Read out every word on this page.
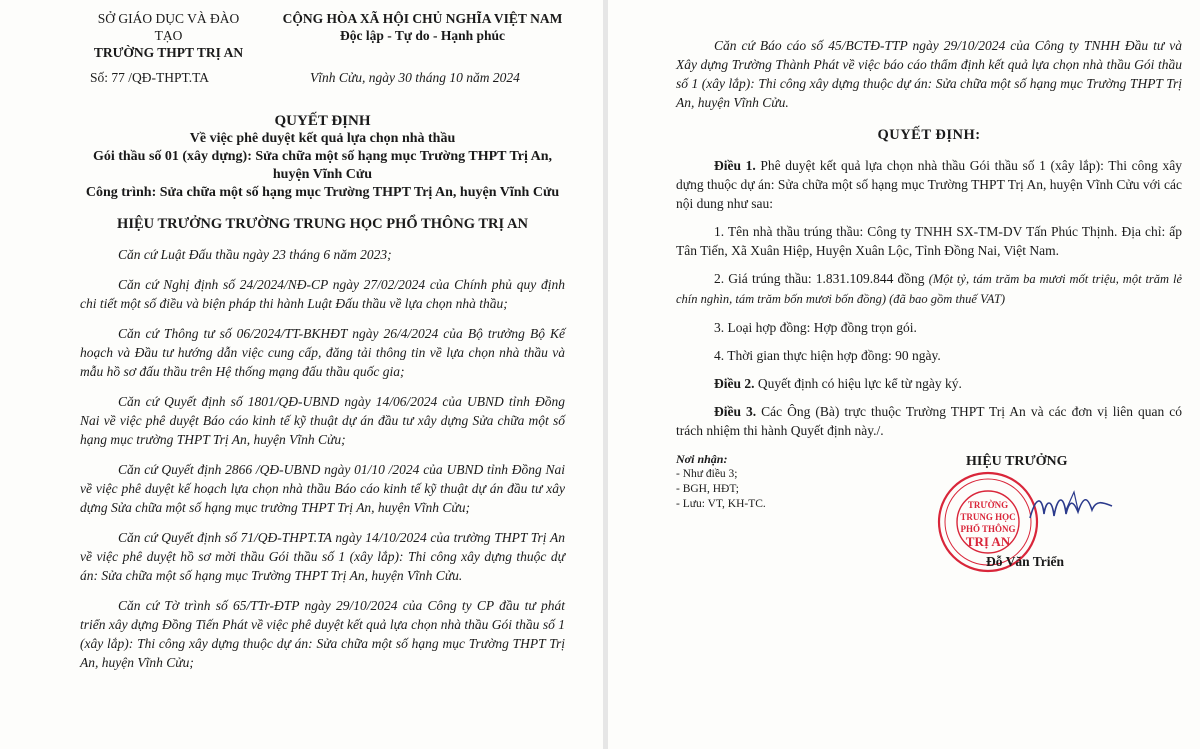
SỞ GIÁO DỤC VÀ ĐÀO TẠO
TRƯỜNG THPT TRỊ AN
CỘNG HÒA XÃ HỘI CHỦ NGHĨA VIỆT NAM
Độc lập - Tự do - Hạnh phúc
Số: 77 /QĐ-THPT.TA	Vĩnh Cửu, ngày 30 tháng 10 năm 2024

QUYẾT ĐỊNH

Về việc phê duyệt kết quả lựa chọn nhà thầu

Gói thầu số 01 (xây dựng): Sửa chữa một số hạng mục Trường THPT Trị An, huyện Vĩnh Cửu

Công trình: Sửa chữa một số hạng mục Trường THPT Trị An, huyện Vĩnh Cửu

HIỆU TRƯỞNG TRƯỜNG TRUNG HỌC PHỔ THÔNG TRỊ AN

Căn cứ Luật Đấu thầu ngày 23 tháng 6 năm 2023;

Căn cứ Nghị định số 24/2024/NĐ-CP ngày 27/02/2024 của Chính phủ quy định chi tiết một số điều và biện pháp thi hành Luật Đấu thầu về lựa chọn nhà thầu;

Căn cứ Thông tư số 06/2024/TT-BKHĐT ngày 26/4/2024 của Bộ trưởng Bộ Kế hoạch và Đầu tư hướng dẫn việc cung cấp, đăng tải thông tin về lựa chọn nhà thầu và mẫu hồ sơ đấu thầu trên Hệ thống mạng đấu thầu quốc gia;

Căn cứ Quyết định số 1801/QĐ-UBND ngày 14/06/2024 của UBND tỉnh Đồng Nai về việc phê duyệt Báo cáo kinh tế kỹ thuật dự án đầu tư xây dựng Sửa chữa một số hạng mục trường THPT Trị An, huyện Vĩnh Cửu;

Căn cứ Quyết định 2866 /QĐ-UBND ngày 01/10 /2024 của UBND tỉnh Đồng Nai về việc phê duyệt kế hoạch lựa chọn nhà thầu Báo cáo kinh tế kỹ thuật dự án đầu tư xây dựng Sửa chữa một số hạng mục trường THPT Trị An, huyện Vĩnh Cửu;

Căn cứ Quyết định số 71/QĐ-THPT.TA ngày 14/10/2024 của trường THPT Trị An về việc phê duyệt hồ sơ mời thầu Gói thầu số 1 (xây lắp): Thi công xây dựng thuộc dự án: Sửa chữa một số hạng mục Trường THPT Trị An, huyện Vĩnh Cửu.

Căn cứ Tờ trình số 65/TTr-ĐTP ngày 29/10/2024 của Công ty CP đầu tư phát triển xây dựng Đồng Tiến Phát về việc phê duyệt kết quả lựa chọn nhà thầu Gói thầu số 1 (xây lắp): Thi công xây dựng thuộc dự án: Sửa chữa một số hạng mục Trường THPT Trị An, huyện Vĩnh Cửu;

Căn cứ Báo cáo số 45/BCTĐ-TTP ngày 29/10/2024 của Công ty TNHH Đầu tư và Xây dựng Trường Thành Phát về việc báo cáo thẩm định kết quả lựa chọn nhà thầu Gói thầu số 1 (xây lắp): Thi công xây dựng thuộc dự án: Sửa chữa một số hạng mục Trường THPT Trị An, huyện Vĩnh Cửu.

QUYẾT ĐỊNH:

Điều 1. Phê duyệt kết quả lựa chọn nhà thầu Gói thầu số 1 (xây lắp): Thi công xây dựng thuộc dự án: Sửa chữa một số hạng mục Trường THPT Trị An, huyện Vĩnh Cửu với các nội dung như sau:

1. Tên nhà thầu trúng thầu: Công ty TNHH SX-TM-DV Tấn Phúc Thịnh. Địa chỉ: ấp Tân Tiến, Xã Xuân Hiệp, Huyện Xuân Lộc, Tỉnh Đồng Nai, Việt Nam.

2. Giá trúng thầu: 1.831.109.844 đồng (Một tỷ, tám trăm ba mươi mốt triệu, một trăm lẻ chín nghìn, tám trăm bốn mươi bốn đồng) (đã bao gồm thuế VAT)

3. Loại hợp đồng: Hợp đồng trọn gói.

4. Thời gian thực hiện hợp đồng: 90 ngày.

Điều 2. Quyết định có hiệu lực kể từ ngày ký.

Điều 3. Các Ông (Bà) trực thuộc Trường THPT Trị An và các đơn vị liên quan có trách nhiệm thi hành Quyết định này./.

Nơi nhận:
- Như điều 3;
- BGH, HĐT;
- Lưu: VT, KH-TC.
HIỆU TRƯỞNG
TRƯỜNG
TRUNG HỌC
PHỔ THÔNG
TRỊ AN
Đỗ Văn Triển
